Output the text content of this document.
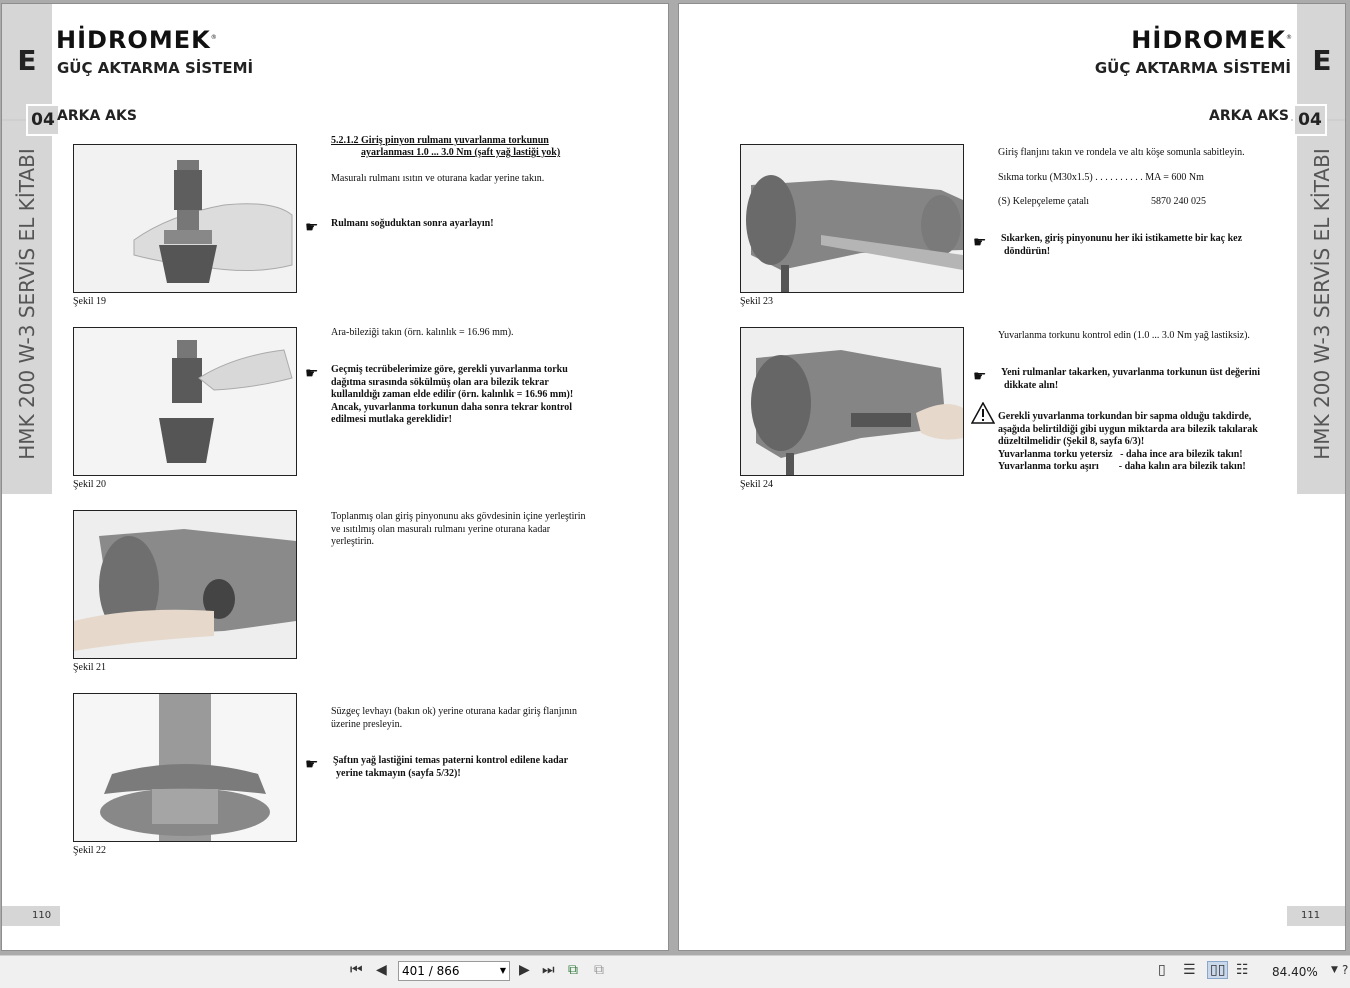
E
04 ARKA AKS
HMK 200 W-3 SERVİS EL KİTABI
HİDROMEK®
GÜÇ AKTARMA SİSTEMİ
5.2.1.2 Giriş pinyon rulmanı yuvarlanma torkunun
ayarlanması 1.0 ... 3.0 Nm (şaft yağ lastiği yok)
Şekil 19
Masuralı rulmanı ısıtın ve oturana kadar yerine takın.
☛ Rulmanı soğuduktan sonra ayarlayın!
Şekil 20
Ara-bileziği takın (örn. kalınlık = 16.96 mm).
☛ Geçmiş tecrübelerimize göre, gerekli yuvarlanma torku
dağıtma sırasında sökülmüş olan ara bilezik tekrar
kullanıldığı zaman elde edilir (örn. kalınlık = 16.96 mm)!
Ancak, yuvarlanma torkunun daha sonra tekrar kontrol
edilmesi mutlaka gereklidir!
Şekil 21
Toplanmış olan giriş pinyonunu aks gövdesinin içine yerleştirin
ve ısıtılmış olan masuralı rulmanı yerine oturana kadar
yerleştirin.
Şekil 22
Süzgeç levhayı (bakın ok) yerine oturana kadar giriş flanjının
üzerine presleyin.
☛ Şaftın yağ lastiğini temas paterni kontrol edilene kadar
yerine takmayın (sayfa 5/32)!
110
E
04
ARKA AKS
HMK 200 W-3 SERVİS EL KİTABI
HİDROMEK®
GÜÇ AKTARMA SİSTEMİ
Şekil 23
Giriş flanjını takın ve rondela ve altı köşe somunla sabitleyin.
Sıkma torku (M30x1.5) . . . . . . . . . . MA = 600 Nm
(S) Kelepçeleme çatalı	5870 240 025
☛ Sıkarken, giriş pinyonunu her iki istikamette bir kaç kez
döndürün!
Şekil 24
Yuvarlanma torkunu kontrol edin (1.0 ... 3.0 Nm yağ lastiksiz).
☛ Yeni rulmanlar takarken, yuvarlanma torkunun üst değerini
dikkate alın!
Gerekli yuvarlanma torkundan bir sapma olduğu takdirde,
aşağıda belirtildiği gibi uygun miktarda ara bilezik takılarak
düzeltilmelidir (Şekil 8, sayfa 6/3)!
Yuvarlanma torku yetersiz   - daha ince ara bilezik takın!
Yuvarlanma torku aşırı        - daha kalın ara bilezik takın!
111
⏮ ◀	401 / 866	▼ ▶ ⏭ ⧉ ⧉	▯ ☰ ▯▯ ☷ 84.40% ▼ ?
